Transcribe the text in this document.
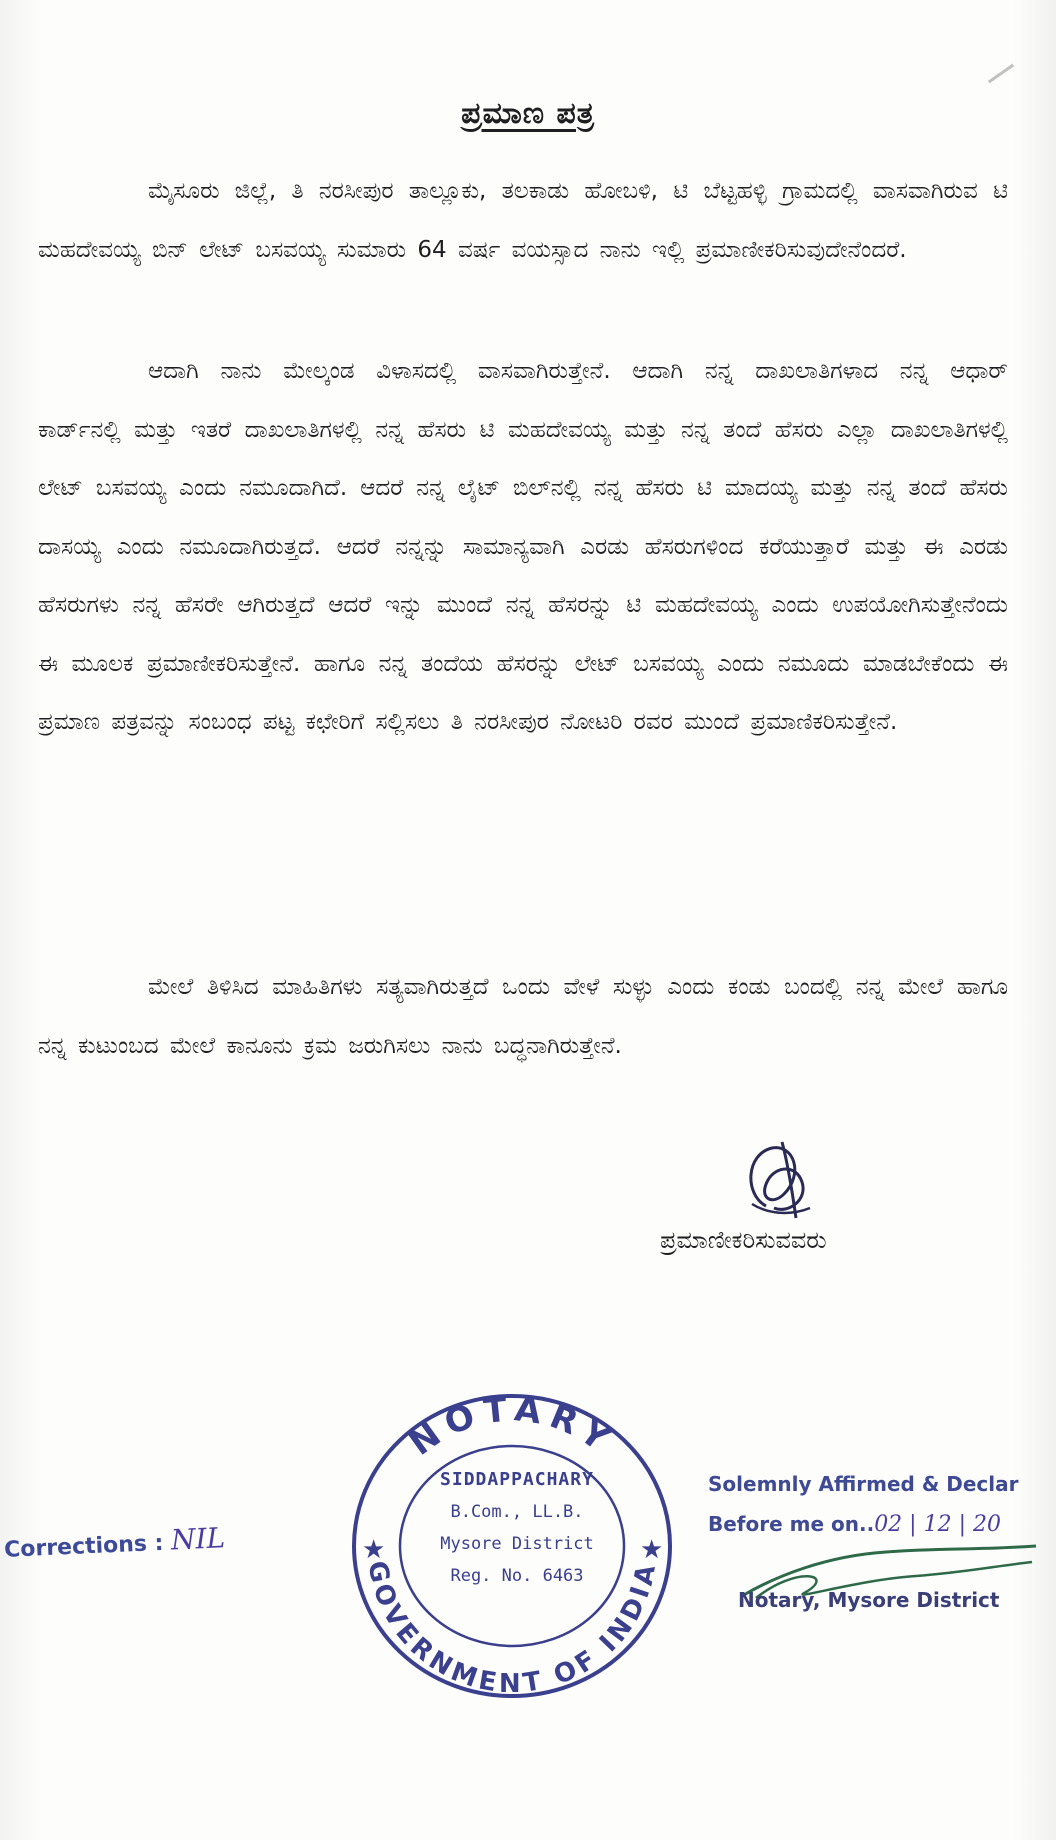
ಪ್ರಮಾಣ ಪತ್ರ
ಮೈಸೂರು ಜಿಲ್ಲೆ, ತಿ ನರಸೀಪುರ ತಾಲ್ಲೂಕು, ತಲಕಾಡು ಹೋಬಳಿ, ಟಿ ಬೆಟ್ಟಹಳ್ಳಿ ಗ್ರಾಮದಲ್ಲಿ ವಾಸವಾಗಿರುವ ಟಿ ಮಹದೇವಯ್ಯ ಬಿನ್ ಲೇಟ್ ಬಸವಯ್ಯ ಸುಮಾರು 64 ವರ್ಷ ವಯಸ್ಸಾದ ನಾನು ಇಲ್ಲಿ ಪ್ರಮಾಣೀಕರಿಸುವುದೇನೆಂದರೆ.
ಆದಾಗಿ ನಾನು ಮೇಲ್ಕಂಡ ವಿಳಾಸದಲ್ಲಿ ವಾಸವಾಗಿರುತ್ತೇನೆ. ಆದಾಗಿ ನನ್ನ ದಾಖಲಾತಿಗಳಾದ ನನ್ನ ಆಧಾರ್ ಕಾರ್ಡ್‌ನಲ್ಲಿ ಮತ್ತು ಇತರೆ ದಾಖಲಾತಿಗಳಲ್ಲಿ ನನ್ನ ಹೆಸರು ಟಿ ಮಹದೇವಯ್ಯ ಮತ್ತು ನನ್ನ ತಂದೆ ಹೆಸರು ಎಲ್ಲಾ ದಾಖಲಾತಿಗಳಲ್ಲಿ ಲೇಟ್ ಬಸವಯ್ಯ ಎಂದು ನಮೂದಾಗಿದೆ. ಆದರೆ ನನ್ನ ಲೈಟ್ ಬಿಲ್‌ನಲ್ಲಿ ನನ್ನ ಹೆಸರು ಟಿ ಮಾದಯ್ಯ ಮತ್ತು ನನ್ನ ತಂದೆ ಹೆಸರು ದಾಸಯ್ಯ ಎಂದು ನಮೂದಾಗಿರುತ್ತದೆ. ಆದರೆ ನನ್ನನ್ನು ಸಾಮಾನ್ಯವಾಗಿ ಎರಡು ಹೆಸರುಗಳಿಂದ ಕರೆಯುತ್ತಾರೆ ಮತ್ತು ಈ ಎರಡು ಹೆಸರುಗಳು ನನ್ನ ಹೆಸರೇ ಆಗಿರುತ್ತದೆ ಆದರೆ ಇನ್ನು ಮುಂದೆ ನನ್ನ ಹೆಸರನ್ನು ಟಿ ಮಹದೇವಯ್ಯ ಎಂದು ಉಪಯೋಗಿಸುತ್ತೇನೆಂದು ಈ ಮೂಲಕ ಪ್ರಮಾಣೀಕರಿಸುತ್ತೇನೆ. ಹಾಗೂ ನನ್ನ ತಂದೆಯ ಹೆಸರನ್ನು ಲೇಟ್ ಬಸವಯ್ಯ ಎಂದು ನಮೂದು ಮಾಡಬೇಕೆಂದು ಈ ಪ್ರಮಾಣ ಪತ್ರವನ್ನು ಸಂಬಂಧ ಪಟ್ಟ ಕಛೇರಿಗೆ ಸಲ್ಲಿಸಲು ತಿ ನರಸೀಪುರ ನೋಟರಿ ರವರ ಮುಂದೆ ಪ್ರಮಾಣಿಕರಿಸುತ್ತೇನೆ.
ಮೇಲೆ ತಿಳಿಸಿದ ಮಾಹಿತಿಗಳು ಸತ್ಯವಾಗಿರುತ್ತದೆ ಒಂದು ವೇಳೆ ಸುಳ್ಳು ಎಂದು ಕಂಡು ಬಂದಲ್ಲಿ ನನ್ನ ಮೇಲೆ ಹಾಗೂ ನನ್ನ ಕುಟುಂಬದ ಮೇಲೆ ಕಾನೂನು ಕ್ರಮ ಜರುಗಿಸಲು ನಾನು ಬದ್ಧನಾಗಿರುತ್ತೇನೆ.
ಪ್ರಮಾಣೀಕರಿಸುವವರು
NOTARY
GOVERNMENT OF INDIA
★	★
SIDDAPPACHARY
B.Com., LL.B.
Mysore District
Reg. No. 6463
Corrections : NIL
Solemnly Affirmed & Declar
Before me on..02 | 12 | 20
Notary, Mysore District
